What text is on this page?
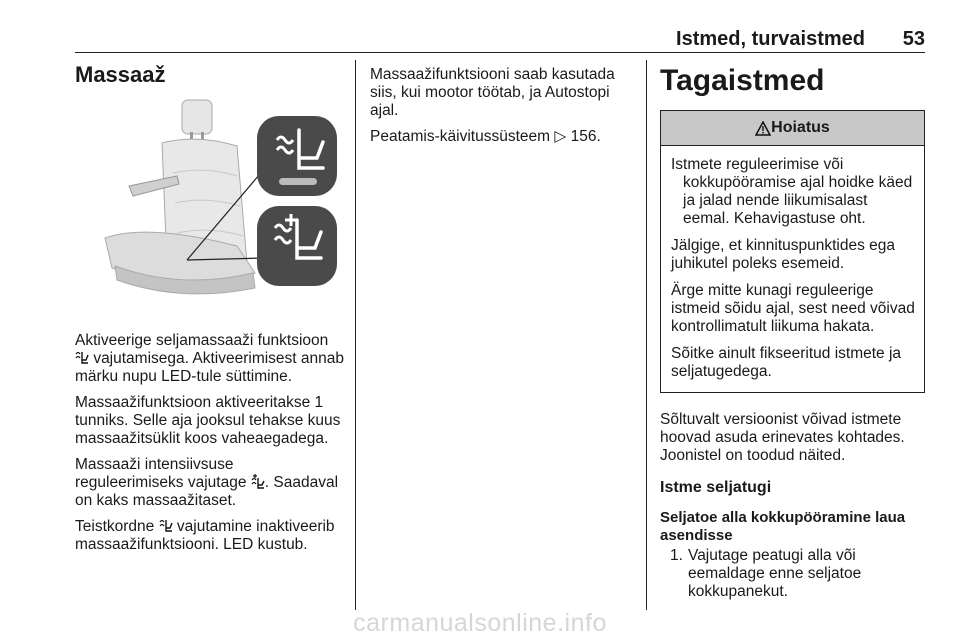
Istmed, turvaistmed 53
Massaaž

Aktiveerige seljamassaaži funktsioon
vajutamisega. Aktiveerimisest annab märku nupu LED-tule süttimine.

Massaažifunktsioon aktiveeritakse 1 tunniks. Selle aja jooksul tehakse kuus massaažitsüklit koos vaheaegadega.

Massaaži intensiivsuse reguleerimiseks vajutage . Saadaval on kaks massaažitaset.

Teistkordne vajutamine inaktiveerib massaažifunktsiooni. LED kustub.

Massaažifunktsiooni saab kasutada siis, kui mootor töötab, ja Autostopi ajal.

Peatamis-käivitussüsteem ▷ 156.

Tagaistmed
Hoiatus

Istmete reguleerimise või kokkupööramise ajal hoidke käed ja jalad nende liikumisalast eemal. Kehavigastuse oht.

Jälgige, et kinnituspunktides ega juhikutel poleks esemeid.

Ärge mitte kunagi reguleerige istmeid sõidu ajal, sest need võivad kontrollimatult liikuma hakata.

Sõitke ainult fikseeritud istmete ja seljatugedega.

Sõltuvalt versioonist võivad istmete hoovad asuda erinevates kohtades. Joonistel on toodud näited.

Istme seljatugi
Seljatoe alla kokkupööramine laua asendisse
1. Vajutage peatugi alla või eemaldage enne seljatoe kokkupanekut.
carmanualsonline.info
